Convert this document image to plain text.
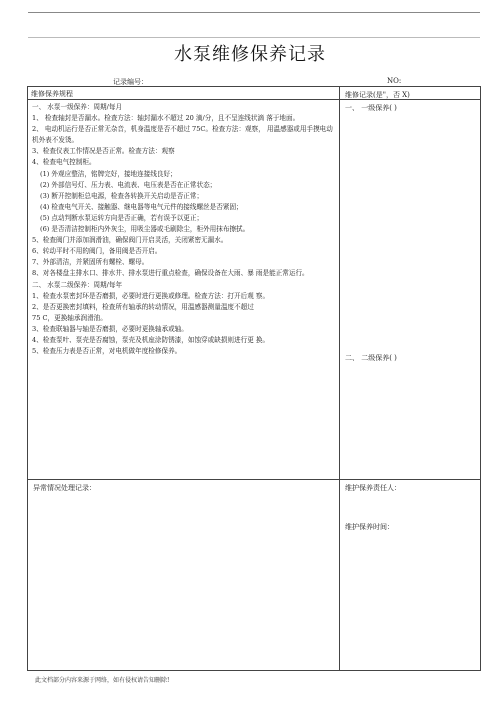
水泵维修保养记录
记录编号：	NO:
维修保养规程	维修记录(是"，否 X)

一、 水泵一级保养：周期/每月

1、 检查轴封是否漏水。检查方法：轴封漏水不超过 20 滴/分，且不呈连线状滴 落于地面。

2、 电动机运行是否正常无杂音，机身温度是否不超过 75C。检查方法：观察， 用温感器或用手摸电动机外表不发烫。

3、检查仪表工作情况是否正常。检查方法：观察

4、检查电气控制柜。

(1) 外观应整洁，铭牌完好，接地连接线良好；

(2) 外部信号灯、压力表、电流表、电压表是否在正常状态；

(3) 断开控制柜总电源，检查各转换开关启动是否正常；

(4) 检查电气开关、接触器、继电器等电气元件的接线螺丝是否紧固；

(5) 点动判断水泵运转方向是否正确，若有误予以更正；

(6) 是否清洁控制柜内外灰尘，用吸尘器或毛刷除尘，柜外用抹布擦拭。

5、检查阀门并添加润滑油，确保阀门开启灵活，关闭紧密无漏水。

6、转动平时不用的阀门，备用阀是否开启。

7、外部清洁，并紧固所有螺栓、螺母。

8、对各楼盘主排水口、排水井、排水泵进行重点检查，确保设备在大雨、暴 雨是能正常运行。

二、 水泵二级保养：周期/每年

1、检查水泵密封环是否磨损，必要时进行更换或修理。检查方法：打开后观 察。

2、是否更换密封填料，检查所有轴承的转动情况，用温感器测量温度不超过

75 C，更换轴承润滑油。

3、检查联轴器与轴是否磨损，必要时更换轴承或轴。

4、检查泵叶、泵壳是否腐蚀，泵壳及机座涂防锈漆，如蚀穿或缺损则进行更 换。

5、检查压力表是否正常，对电机做年度检修保养。

一、 一级保养( )
二、 二级保养( )
维护保养责任人：
维护保养时间：
异常情况处理记录：
此文档部分内容来源于网络，如有侵权请告知删除!
